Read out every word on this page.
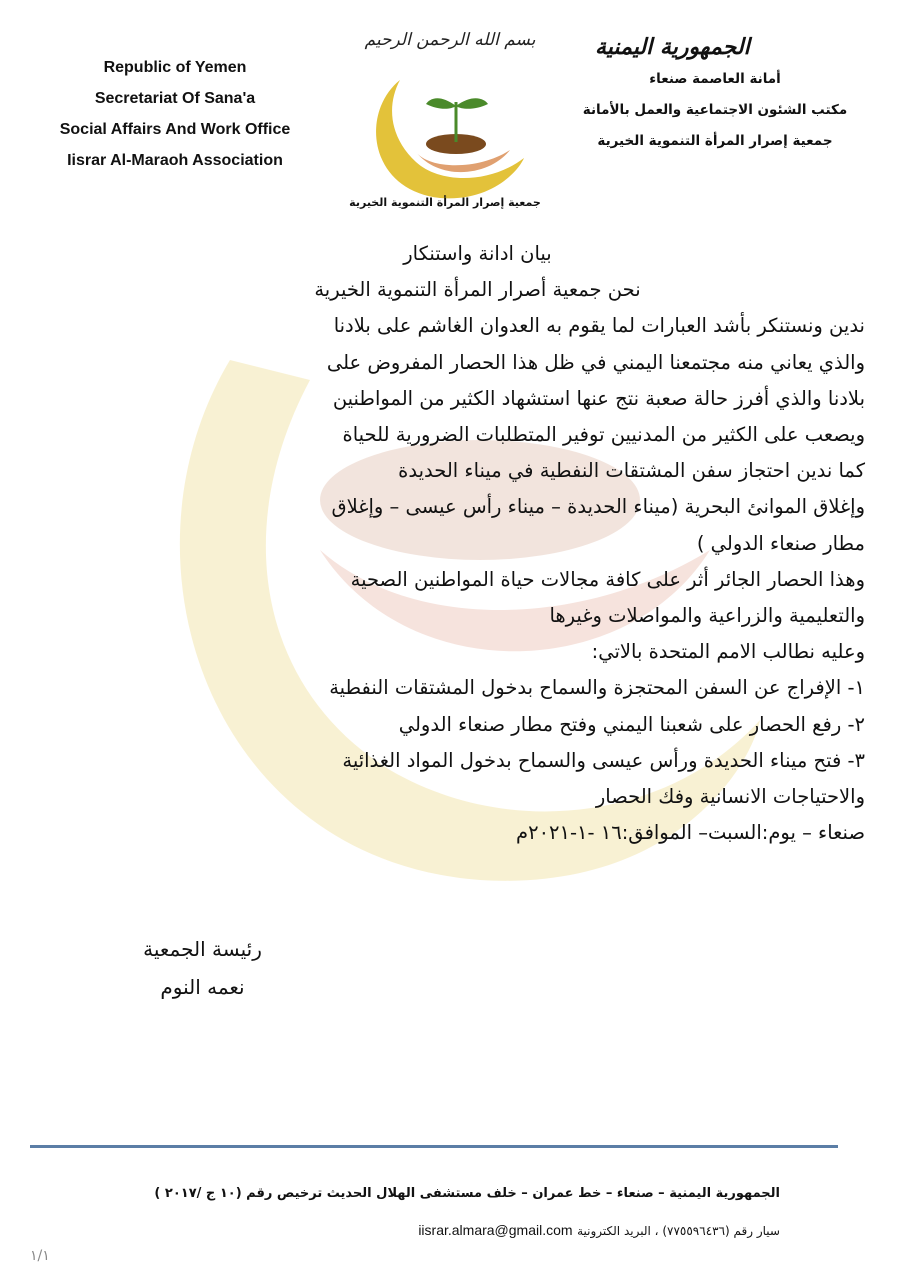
Republic of Yemen
Secretariat Of Sana'a
Social Affairs And Work Office
Iisrar Al-Maraoh Association
الجمهورية اليمنية
أمانة العاصمة صنعاء
مكتب الشئون الاجتماعية والعمل بالأمانة
جمعية إصرار المرأة التنموية الخيرية
بسم الله الرحمن الرحيم
جمعية إصرار المرأة التنموية الخيرية
بيان ادانة واستنكار
نحن جمعية أصرار المرأة التنموية الخيرية
ندين ونستنكر بأشد العبارات لما يقوم به العدوان الغاشم على بلادنا
والذي يعاني منه مجتمعنا اليمني في ظل هذا الحصار المفروض على
بلادنا والذي أفرز حالة صعبة نتج عنها استشهاد الكثير من المواطنين
ويصعب على الكثير من المدنيين توفير المتطلبات الضرورية للحياة
كما ندين احتجاز سفن المشتقات النفطية في ميناء الحديدة
وإغلاق الموانئ البحرية (ميناء الحديدة – ميناء رأس عيسى – وإغلاق
مطار صنعاء الدولي )
وهذا الحصار الجائر أثر على كافة مجالات حياة المواطنين الصحية
والتعليمية والزراعية والمواصلات وغيرها
وعليه نطالب الامم المتحدة بالاتي:
١- الإفراج عن السفن المحتجزة والسماح بدخول المشتقات النفطية
٢- رفع الحصار على شعبنا اليمني وفتح مطار صنعاء الدولي
٣- فتح ميناء الحديدة ورأس عيسى والسماح بدخول المواد الغذائية
والاحتياجات الانسانية وفك الحصار
صنعاء – يوم:السبت– الموافق:١٦ -١-٢٠٢١م
رئيسة الجمعية
نعمه النوم
الجمهورية اليمنية – صنعاء – خط عمران – خلف مستشفى الهلال الحديث ترخيص رقم (١٠ ج /٢٠١٧ )
سيار رقم (٧٧٥٥٩٦٤٣٦) ، البريد الكترونية iisrar.almara@gmail.com
١/١
